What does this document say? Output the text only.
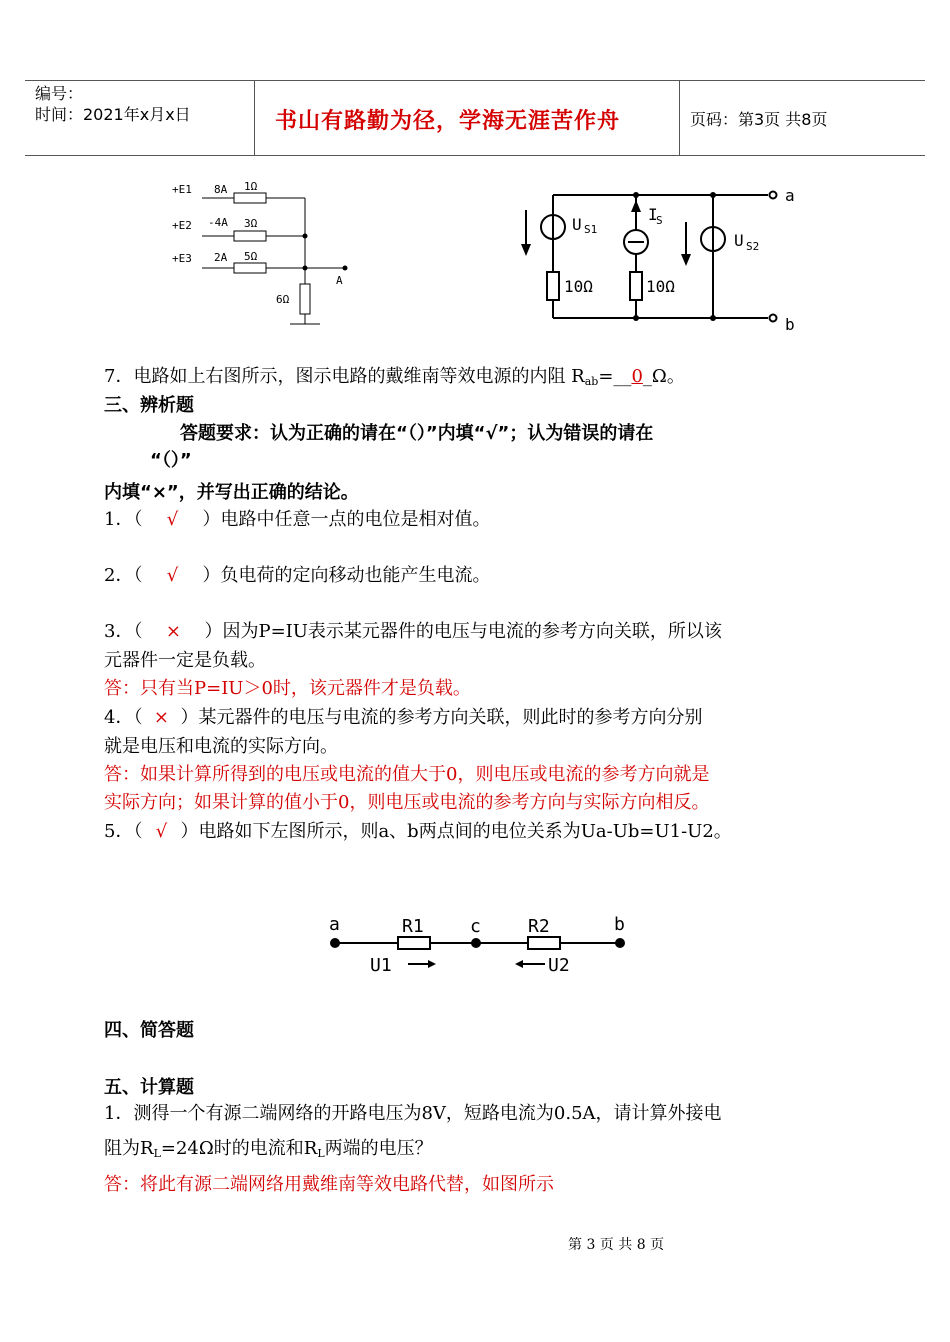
编号：
时间：2021年x月x日	书山有路勤为径，学海无涯苦作舟	页码：第3页 共8页
+E1
+E2
+E3
8A
-4A
2A
1Ω
3Ω
5Ω
6Ω
A
U S1
I
S
U S2
10Ω	10Ω
a
b
7．电路如上右图所示，图示电路的戴维南等效电源的内阻 $R_{ab}=\_\_0\_\Omega$。
三、辨析题
答题要求：认为正确的请在“（）”内填“√”；认为错误的请在
“（）”
内填“×”，并写出正确的结论。
1．（ √ ）电路中任意一点的电位是相对值。
2．（ √ ）负电荷的定向移动也能产生电流。
3．（ × ）因为P=IU表示某元器件的电压与电流的参考方向关联，所以该
元器件一定是负载。
答：只有当P=IU＞0时，该元器件才是负载。
4．（ × ）某元器件的电压与电流的参考方向关联，则此时的参考方向分别
就是电压和电流的实际方向。
答：如果计算所得到的电压或电流的值大于0，则电压或电流的参考方向就是
实际方向；如果计算的值小于0，则电压或电流的参考方向与实际方向相反。
5．（ √ ）电路如下左图所示，则a、b两点间的电位关系为Ua-Ub=U1-U2。
a	R1	c	R2	b
U1	U2
四、简答题
五、计算题
1．测得一个有源二端网络的开路电压为8V，短路电流为0.5A，请计算外接电
阻为$R_L=24\Omega$时的电流和$R_L$两端的电压？
答：将此有源二端网络用戴维南等效电路代替，如图所示
第 3 页 共 8 页
